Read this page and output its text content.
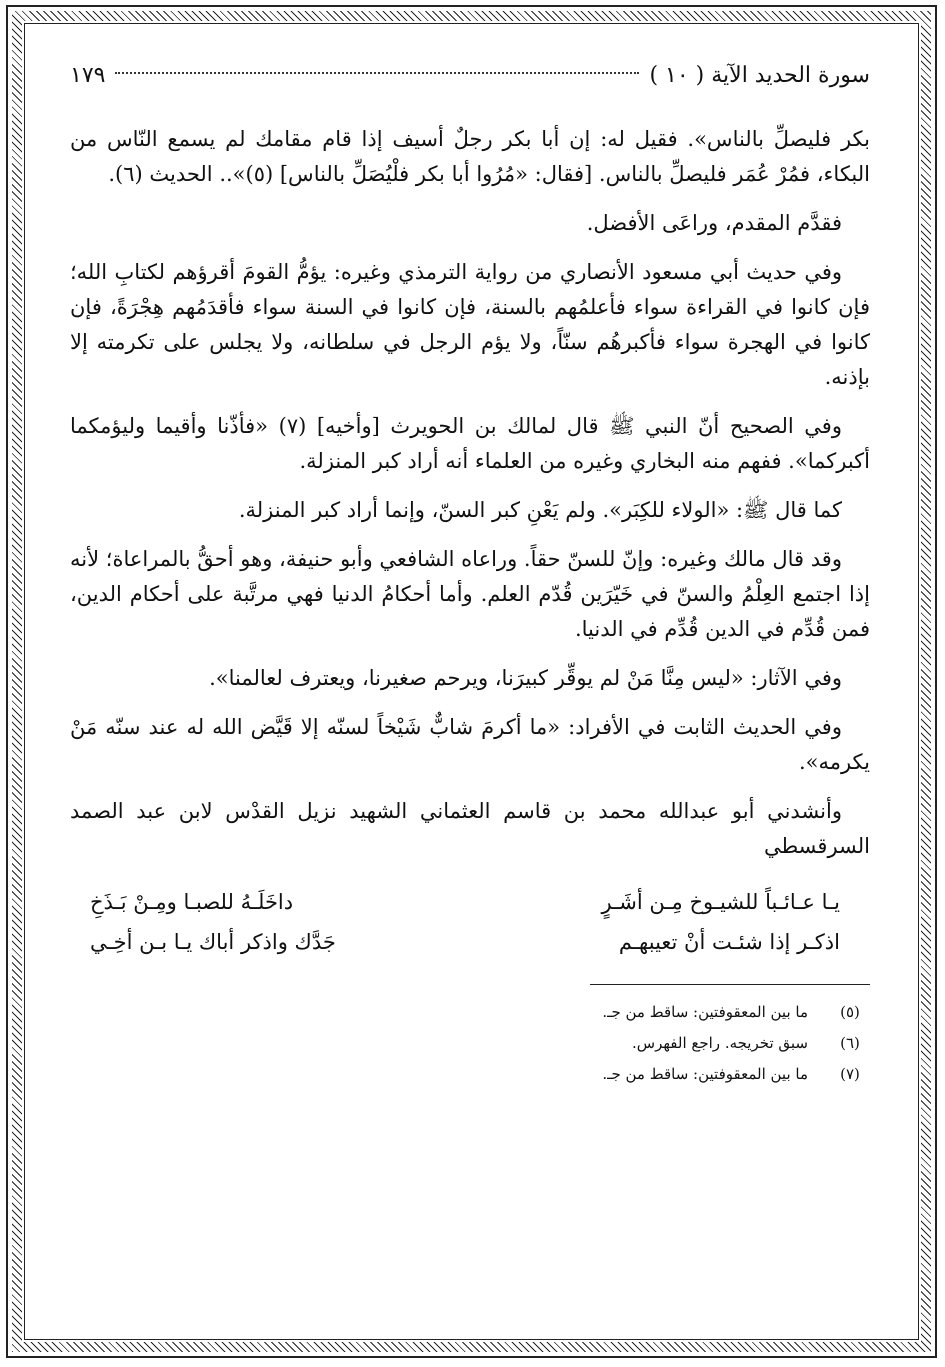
سورة الحديد الآية ( ١٠ )
١٧٩

بكر فليصلِّ بالناس». فقيل له: إن أبا بكر رجلٌ أسيف إذا قام مقامك لم يسمع النّاس من البكاء، فمُرْ عُمَر فليصلِّ بالناس. [فقال: «مُرُوا أبا بكر فلْيُصَلِّ بالناس] (٥)».. الحديث (٦).

فقدَّم المقدم، وراعَى الأفضل.

وفي حديث أبي مسعود الأنصاري من رواية الترمذي وغيره: يؤمُّ القومَ أقرؤهم لكتابِ الله؛ فإن كانوا في القراءة سواء فأعلمُهم بالسنة، فإن كانوا في السنة سواء فأقدَمُهم هِجْرَةً، فإن كانوا في الهجرة سواء فأكبرهُم سنّاً، ولا يؤم الرجل في سلطانه، ولا يجلس على تكرمته إلا بإذنه.

وفي الصحيح أنّ النبي ﷺ قال لمالك بن الحويرث [وأخيه] (٧) «فأذّنا وأقيما وليؤمكما أكبركما». ففهم منه البخاري وغيره من العلماء أنه أراد كبر المنزلة.

كما قال ﷺ: «الولاء للكِبَر». ولم يَعْنِ كبر السنّ، وإنما أراد كبر المنزلة.

وقد قال مالك وغيره: وإنّ للسنّ حقاً. وراعاه الشافعي وأبو حنيفة، وهو أحقُّ بالمراعاة؛ لأنه إذا اجتمع العِلْمُ والسنّ في خَيّرَين قُدّم العلم. وأما أحكامُ الدنيا فهي مرتَّبة على أحكام الدين، فمن قُدِّم في الدين قُدِّم في الدنيا.

وفي الآثار: «ليس مِنَّا مَنْ لم يوقِّر كبيرَنا، ويرحم صغيرنا، ويعترف لعالمنا».

وفي الحديث الثابت في الأفراد: «ما أكرمَ شابٌّ شَيْخاً لسنّه إلا قَيَّض الله له عند سنّه مَنْ يكرمه».

وأنشدني أبو عبدالله محمد بن قاسم العثماني الشهيد نزيل القدْس لابن عبد الصمد السرقسطي

يـا عـائـباً للشيـوخ مِـن أشَـرٍ
داخَلَـهُ للصبـا ومِـنْ بَـذَخِ
اذكـر إذا شئـت أنْ تعيبهـم
جَدَّك واذكر أباك يـا بـن أخِـي
(٥)
ما بين المعقوفتين: ساقط من جـ.
(٦)
سبق تخريجه. راجع الفهرس.
(٧)
ما بين المعقوفتين: ساقط من جـ.
